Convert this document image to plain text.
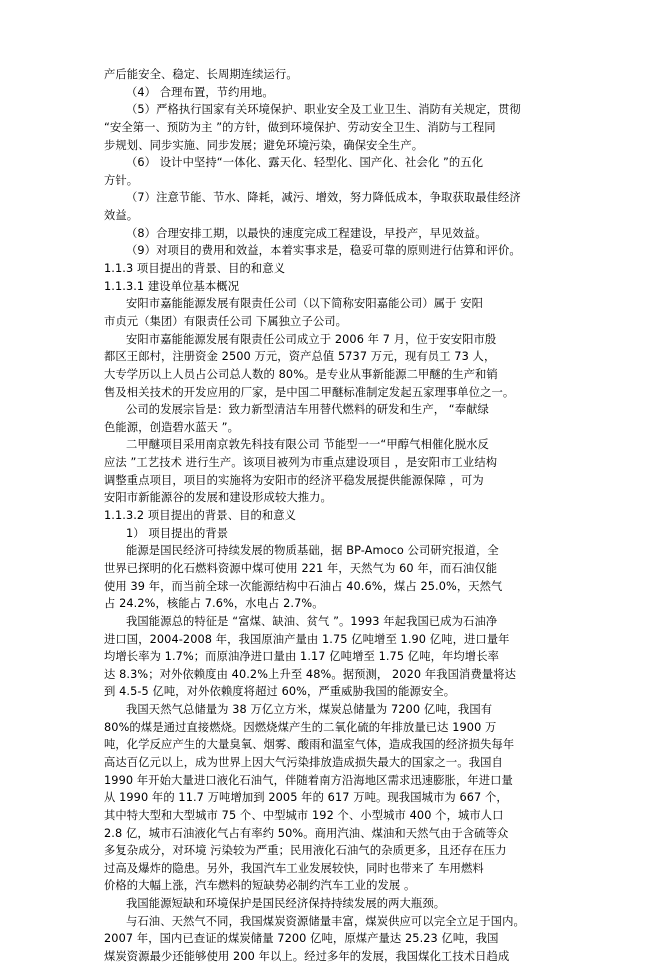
产后能安全、稳定、长周期连续运行。
（4） 合理布置，节约用地。
（5）严格执行国家有关环境保护、职业安全及工业卫生、消防有关规定，贯彻
“安全第一、预防为主 ”的方针，做到环境保护、劳动安全卫生、消防与工程同
步规划、同步实施、同步发展；避免环境污染，确保安全生产。
（6） 设计中坚持“一体化、露天化、轻型化、国产化、社会化 ”的五化
方针。
（7）注意节能、节水、降耗，减污、增效，努力降低成本，争取获取最佳经济
效益。
（8）合理安排工期，以最快的速度完成工程建设，早投产，早见效益。
（9）对项目的费用和效益，本着实事求是，稳妥可靠的原则进行估算和评价。
1.1.3 项目提出的背景、目的和意义
1.1.3.1 建设单位基本概况
安阳市嘉能能源发展有限责任公司（以下简称安阳嘉能公司）属于 安阳
市贞元（集团）有限责任公司 下属独立子公司。
安阳市嘉能能源发展有限责任公司成立于 2006 年 7 月，位于安安阳市殷
都区王郎村，注册资金 2500 万元，资产总值 5737 万元，现有员工 73 人，
大专学历以上人员占公司总人数的 80%。是专业从事新能源二甲醚的生产和销
售及相关技术的开发应用的厂家，是中国二甲醚标准制定发起五家理事单位之一。
公司的发展宗旨是：致力新型清洁车用替代燃料的研发和生产， “奉献绿
色能源，创造碧水蓝天 ”。
二甲醚项目采用南京敦先科技有限公司 节能型一一“甲醇气相催化脱水反
应法 ”工艺技术 进行生产。该项目被列为市重点建设项目 ，是安阳市工业结构
调整重点项目，项目的实施将为安阳市的经济平稳发展提供能源保障 ，可为
安阳市新能源谷的发展和建设形成较大推力。
1.1.3.2 项目提出的背景、目的和意义
1） 项目提出的背景
能源是国民经济可持续发展的物质基础，据 BP-Amoco 公司研究报道，全
世界已探明的化石燃料资源中煤可使用 221 年，天然气为 60 年，而石油仅能
使用 39 年，而当前全球一次能源结构中石油占 40.6%，煤占 25.0%，天然气
占 24.2%，核能占 7.6%，水电占 2.7%。
我国能源总的特征是 “富煤、缺油、贫气 ”。1993 年起我国已成为石油净
进口国，2004-2008 年，我国原油产量由 1.75 亿吨增至 1.90 亿吨，进口量年
均增长率为 1.7%；而原油净进口量由 1.17 亿吨增至 1.75 亿吨，年均增长率
达 8.3%；对外依赖度由 40.2%上升至 48%。据预测， 2020 年我国消费量将达
到 4.5-5 亿吨，对外依赖度将超过 60%，严重威胁我国的能源安全。
我国天然气总储量为 38 万亿立方米，煤炭总储量为 7200 亿吨，我国有
80%的煤是通过直接燃烧。因燃烧煤产生的二氧化硫的年排放量已达 1900 万
吨，化学反应产生的大量臭氧、烟雾、酸雨和温室气体，造成我国的经济损失每年
高达百亿元以上，成为世界上因大气污染排放造成损失最大的国家之一。我国自
1990 年开始大量进口液化石油气，伴随着南方沿海地区需求迅速膨胀，年进口量
从 1990 年的 11.7 万吨增加到 2005 年的 617 万吨。现我国城市为 667 个，
其中特大型和大型城市 75 个、中型城市 192 个、小型城市 400 个，城市人口
2.8 亿，城市石油液化气占有率约 50%。商用汽油、煤油和天然气由于含硫等众
多复杂成分，对环境 污染较为严重；民用液化石油气的杂质更多，且还存在压力
过高及爆炸的隐患。另外，我国汽车工业发展较快，同时也带来了 车用燃料
价格的大幅上涨，汽车燃料的短缺势必制约汽车工业的发展 。
我国能源短缺和环境保护是国民经济保持持续发展的两大瓶颈。
与石油、天然气不同，我国煤炭资源储量丰富，煤炭供应可以完全立足于国内。
2007 年，国内已查证的煤炭储量 7200 亿吨，原煤产量达 25.23 亿吨，我国
煤炭资源最少还能够使用 200 年以上。经过多年的发展，我国煤化工技术日趋成
